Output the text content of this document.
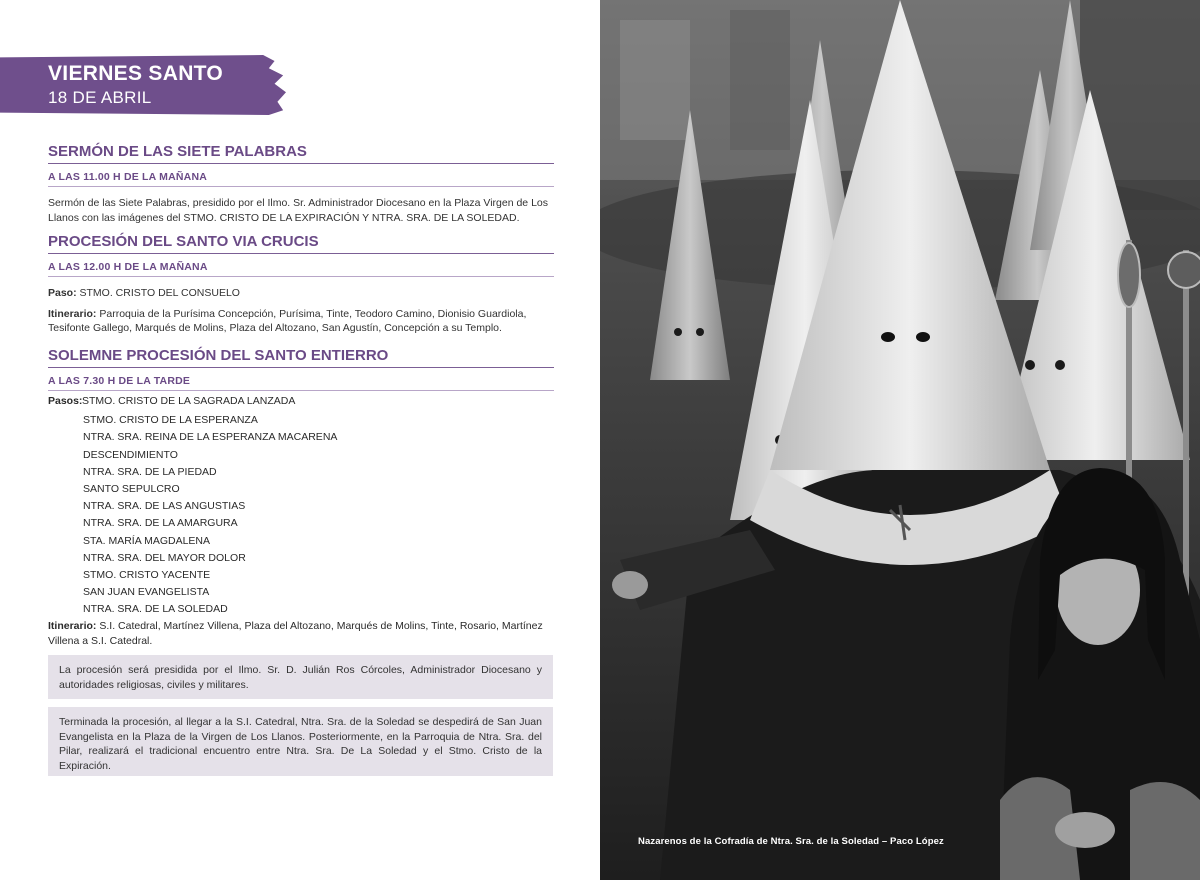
VIERNES SANTO
18 DE ABRIL
SERMÓN DE LAS SIETE PALABRAS
A LAS 11.00 H DE LA MAÑANA

Sermón de las Siete Palabras, presidido por el Ilmo. Sr. Administrador Diocesano en la Plaza Virgen de Los Llanos con las imágenes del STMO. CRISTO DE LA EXPIRACIÓN Y NTRA. SRA. DE LA SOLEDAD.

PROCESIÓN DEL SANTO VIA CRUCIS
A LAS 12.00 H DE LA MAÑANA

Paso: STMO. CRISTO DEL CONSUELO

Itinerario: Parroquia de la Purísima Concepción, Purísima, Tinte, Teodoro Camino, Dionisio Guardiola, Tesifonte Gallego, Marqués de Molins, Plaza del Altozano, San Agustín, Concepción a su Templo.

SOLEMNE PROCESIÓN DEL SANTO ENTIERRO
A LAS 7.30 H DE LA TARDE
Pasos: STMO. CRISTO DE LA SAGRADA LANZADA
STMO. CRISTO DE LA ESPERANZA
NTRA. SRA. REINA DE LA ESPERANZA MACARENA
DESCENDIMIENTO
NTRA. SRA. DE LA PIEDAD
SANTO SEPULCRO
NTRA. SRA. DE LAS ANGUSTIAS
NTRA. SRA. DE LA AMARGURA
STA. MARÍA MAGDALENA
NTRA. SRA. DEL MAYOR DOLOR
STMO. CRISTO YACENTE
SAN JUAN EVANGELISTA
NTRA. SRA. DE LA SOLEDAD

Itinerario: S.I. Catedral, Martínez Villena, Plaza del Altozano, Marqués de Molins, Tinte, Rosario, Martínez Villena a S.I. Catedral.

La procesión será presidida por el Ilmo. Sr. D. Julián Ros Córcoles, Administrador Diocesano y autoridades religiosas, civiles y militares.
Terminada la procesión, al llegar a la S.I. Catedral, Ntra. Sra. de la Soledad se despedirá de San Juan Evangelista en la Plaza de la Virgen de Los Llanos. Posteriormente, en la Parroquia de Ntra. Sra. del Pilar, realizará el tradicional encuentro entre Ntra. Sra. De La Soledad y el Stmo. Cristo de la Expiración.
Nazarenos de la Cofradía de Ntra. Sra. de la Soledad – Paco López
